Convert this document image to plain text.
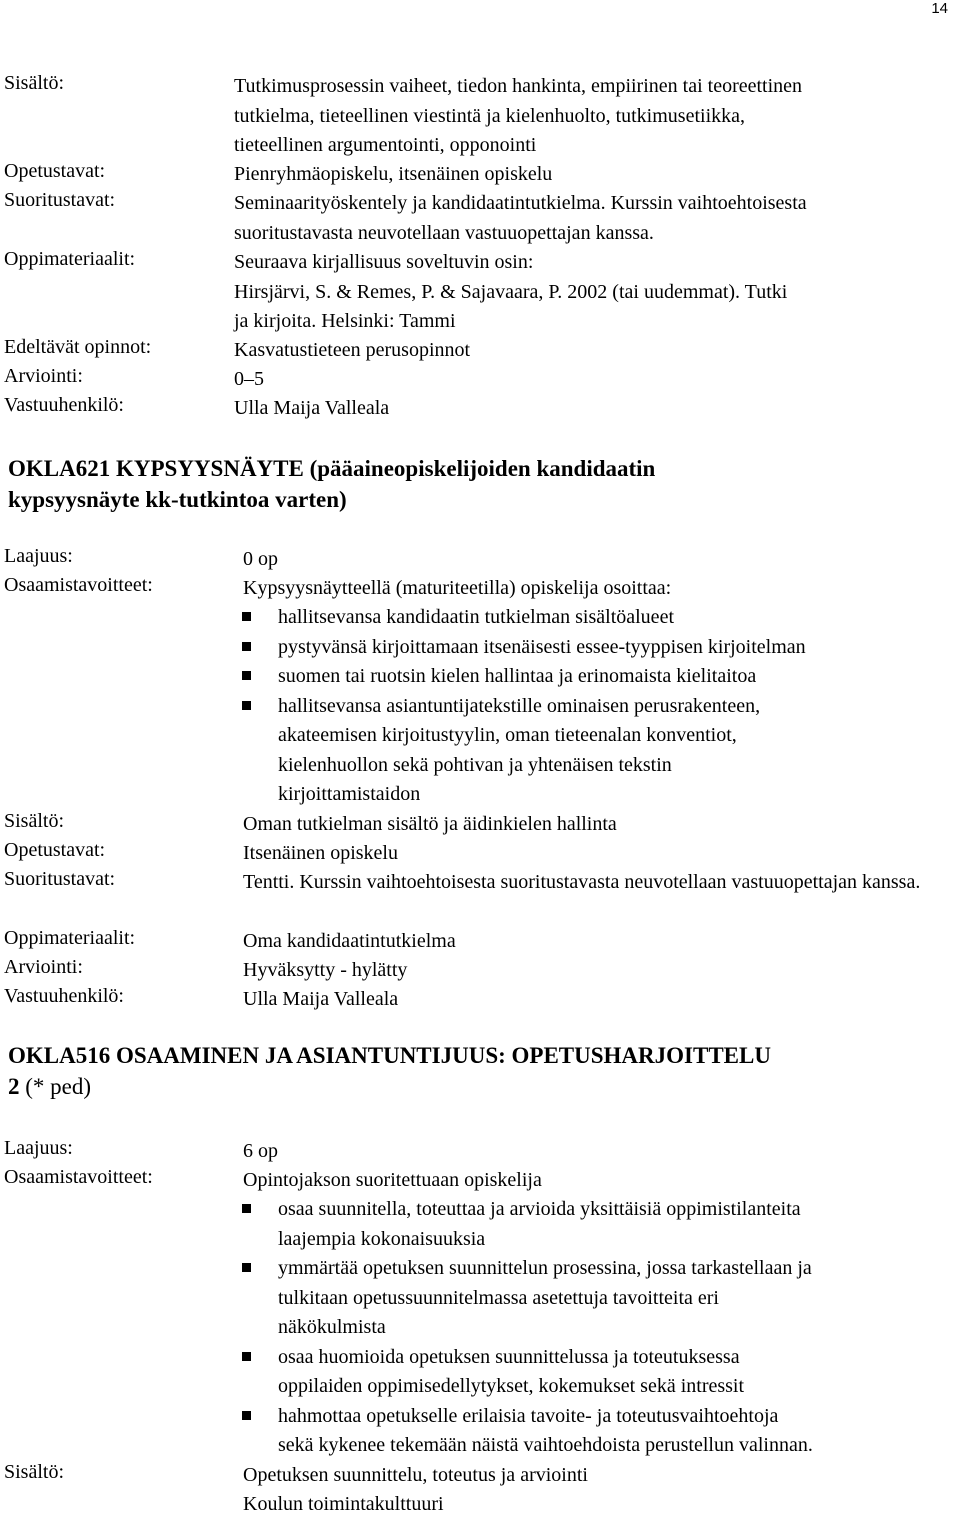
14
Sisältö:	Tutkimusprosessin vaiheet, tiedon hankinta, empiirinen tai teoreettinen
tutkielma, tieteellinen viestintä ja kielenhuolto, tutkimusetiikka,
tieteellinen argumentointi, opponointi
Opetustavat:	Pienryhmäopiskelu, itsenäinen opiskelu
Suoritustavat:	Seminaarityöskentely ja kandidaatintutkielma. Kurssin vaihtoehtoisesta
suoritustavasta neuvotellaan vastuuopettajan kanssa.
Oppimateriaalit:	Seuraava kirjallisuus soveltuvin osin:
Hirsjärvi, S. & Remes, P. & Sajavaara, P. 2002 (tai uudemmat). Tutki
ja kirjoita. Helsinki: Tammi
Edeltävät opinnot:	Kasvatustieteen perusopinnot
Arviointi:	0–5
Vastuuhenkilö:	Ulla Maija Valleala
OKLA621 KYPSYYSNÄYTE (pääaineopiskelijoiden kandidaatin
kypsyysnäyte kk-tutkintoa varten)
Laajuus:	0 op
Osaamistavoitteet:	Kypsyysnäytteellä (maturiteetilla) opiskelija osoittaa:
hallitsevansa kandidaatin tutkielman sisältöalueet
pystyvänsä kirjoittamaan itsenäisesti essee-tyyppisen kirjoitelman
suomen tai ruotsin kielen hallintaa ja erinomaista kielitaitoa
hallitsevansa asiantuntijatekstille ominaisen perusrakenteen,
akateemisen kirjoitustyylin, oman tieteenalan konventiot,
kielenhuollon sekä pohtivan ja yhtenäisen tekstin
kirjoittamistaidon
Sisältö:	Oman tutkielman sisältö ja äidinkielen hallinta
Opetustavat:	Itsenäinen opiskelu
Suoritustavat:	Tentti. Kurssin vaihtoehtoisesta suoritustavasta neuvotellaan vastuuopettajan kanssa.
Oppimateriaalit:	Oma kandidaatintutkielma
Arviointi:	Hyväksytty - hylätty
Vastuuhenkilö:	Ulla Maija Valleala
OKLA516 OSAAMINEN JA ASIANTUNTIJUUS: OPETUSHARJOITTELU
2 (* ped)
Laajuus:	6 op
Osaamistavoitteet:	Opintojakson suoritettuaan opiskelija
osaa suunnitella, toteuttaa ja arvioida yksittäisiä oppimistilanteita
laajempia kokonaisuuksia
ymmärtää opetuksen suunnittelun prosessina, jossa tarkastellaan ja
tulkitaan opetussuunnitelmassa asetettuja tavoitteita eri
näkökulmista
osaa huomioida opetuksen suunnittelussa ja toteutuksessa
oppilaiden oppimisedellytykset, kokemukset sekä intressit
hahmottaa opetukselle erilaisia tavoite- ja toteutusvaihtoehtoja
sekä kykenee tekemään näistä vaihtoehdoista perustellun valinnan.
Sisältö:	Opetuksen suunnittelu, toteutus ja arviointi
Koulun toimintakulttuuri
